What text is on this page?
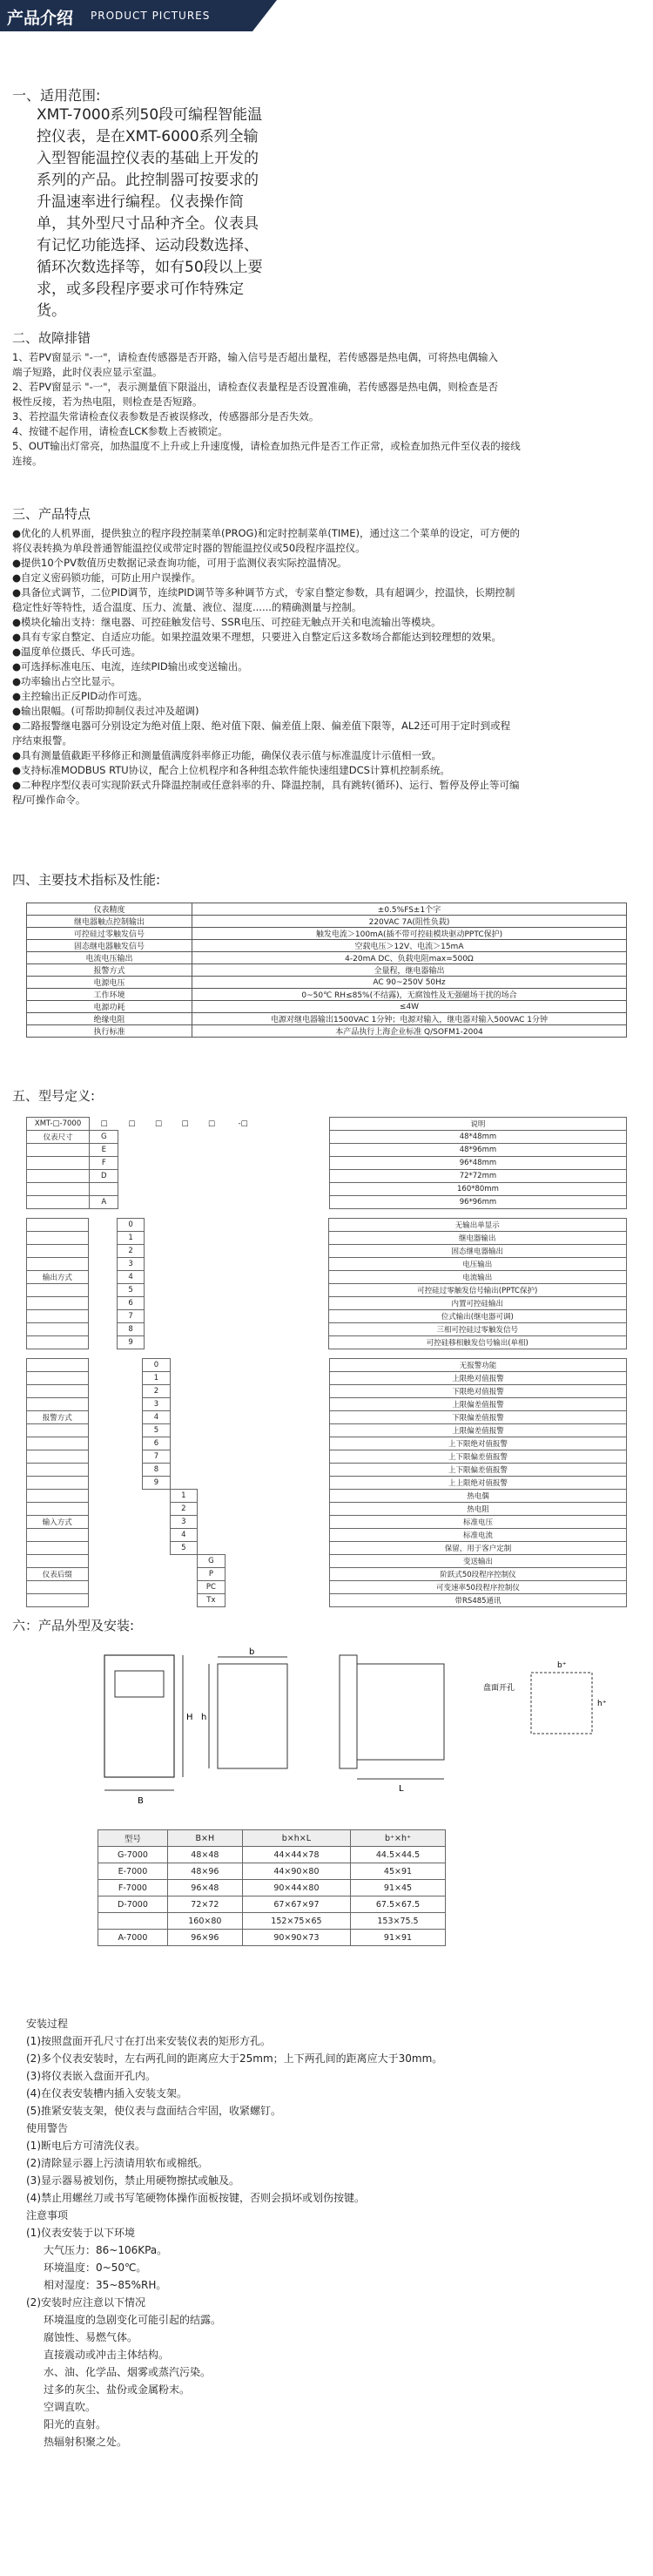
产品介绍 PRODUCT PICTURES

一、适用范围:

XMT-7000系列50段可编程智能温控仪表，是在XMT-6000系列全输入型智能温控仪表的基础上开发的系列的产品。此控制器可按要求的升温速率进行编程。仪表操作简单，其外型尺寸品种齐全。仪表具有记忆功能选择、运动段数选择、循环次数选择等，如有50段以上要求，或多段程序要求可作特殊定货。

二、故障排错

1、若PV窗显示 "-一"，请检查传感器是否开路，输入信号是否超出量程，若传感器是热电偶，可将热电偶输入
端子短路，此时仪表应显示室温。
2、若PV窗显示 "-一"，表示测量值下限溢出，请检查仪表量程是否设置准确，若传感器是热电偶，则检查是否
极性反接，若为热电阻，则检查是否短路。
3、若控温失常请检查仪表参数是否被误修改，传感器部分是否失效。
4、按键不起作用，请检查LCK参数上否被锁定。
5、OUT输出灯常亮，加热温度不上升或上升速度慢，请检查加热元件是否工作正常，或检查加热元件至仪表的接线
连接。

三、产品特点

●优化的人机界面，提供独立的程序段控制菜单(PROG)和定时控制菜单(TIME)，通过这二个菜单的设定，可方便的
将仪表转换为单段普通智能温控仪或带定时器的智能温控仪或50段程序温控仪。
●提供10个PV数值历史数据记录查询功能，可用于监测仪表实际控温情况。
●自定义密码锁功能，可防止用户误操作。
●具备位式调节，二位PID调节，连续PID调节等多种调节方式，专家自整定参数，具有超调少，控温快，长期控制
稳定性好等特性，适合温度、压力、流量、液位、湿度......的精确测量与控制。
●模块化输出支持：继电器、可控硅触发信号、SSR电压、可控硅无触点开关和电流输出等模块。
●具有专家自整定、自适应功能。如果控温效果不理想，只要进入自整定后这多数场合都能达到较理想的效果。
●温度单位摄氏、华氏可选。
●可选择标准电压、电流，连续PID输出或变送输出。
●功率输出占空比显示。
●主控输出正反PID动作可选。
●输出限幅。(可帮助抑制仪表过冲及超调)
●二路报警继电器可分别设定为绝对值上限、绝对值下限、偏差值上限、偏差值下限等，AL2还可用于定时到或程
序结束报警。
●具有测量值截距平移修正和测量值满度斜率修正功能，确保仪表示值与标准温度计示值相一致。
●支持标准MODBUS RTU协议，配合上位机程序和各种组态软件能快速组建DCS计算机控制系统。
●二种程序型仪表可实现阶跃式升降温控制或任意斜率的升、降温控制，具有跳转(循环)、运行、暂停及停止等可编
程/可操作命令。

四、主要技术指标及性能:

仪表精度	±0.5%FS±1个字
继电器触点控制输出	220VAC 7A(阻性负载)
可控硅过零触发信号	触发电流＞100mA(插不带可控硅模块驱动PPTC保护)
固态继电器触发信号	空载电压＞12V、电流＞15mA
电流电压输出	4-20mA DC、负载电阻max=500Ω
报警方式	全量程，继电器输出
电源电压	AC 90~250V 50Hz
工作环境	0~50℃ RH≤85%(不结露)，无腐蚀性及无强磁场干扰的场合
电源功耗	≤4W
绝缘电阻	电源对继电器输出1500VAC 1分钟；电源对输入，继电器对输入500VAC 1分钟
执行标准	本产品执行上海企业标准 Q/SOFM1-2004

五、型号定义:

XMT-□-7000	□	□	□	□	□	-□		说明
仪表尺寸	G							48*48mm
	E							48*96mm
	F							96*48mm
	D							72*72mm
								160*80mm
	A							96*96mm
		0						无输出单显示
		1						继电器输出
		2						固态继电器输出
		3						电压输出
输出方式		4						电流输出
		5						可控硅过零触发信号输出(PPTC保护)
		6						内置可控硅输出
		7						位式输出(继电器可调)
		8						三相可控硅过零触发信号
		9						可控硅移相触发信号输出(单相)
			0					无报警功能
			1					上限绝对值报警
			2					下限绝对值报警
			3					上限偏差值报警
报警方式			4					下限偏差值报警
			5					上限偏差值报警
			6					上下限绝对值报警
			7					上下限偏差值报警
			8					上下限偏差值报警
			9					上上限绝对值报警
				1				热电偶
				2				热电阻
输入方式				3				标准电压
				4				标准电流
				5				保留，用于客户定制
					G			变送输出
仪表后缀					P			阶跃式50段程序控制仪
					PC			可变速率50段程序控制仪
					Tx			带RS485通讯

六：产品外型及安装:

B
H
b
h
L
盘面开孔
b⁺
h⁺
型号	B×H	b×h×L	b⁺×h⁺
G-7000	48×48	44×44×78	44.5×44.5
E-7000	48×96	44×90×80	45×91
F-7000	96×48	90×44×80	91×45
D-7000	72×72	67×67×97	67.5×67.5
	160×80	152×75×65	153×75.5
A-7000	96×96	90×90×73	91×91
安装过程
(1)按照盘面开孔尺寸在打出来安装仪表的矩形方孔。
(2)多个仪表安装时，左右两孔间的距离应大于25mm；上下两孔间的距离应大于30mm。
(3)将仪表嵌入盘面开孔内。
(4)在仪表安装槽内插入安装支架。
(5)推紧安装支架，使仪表与盘面结合牢固，收紧螺钉。
使用警告
(1)断电后方可清洗仪表。
(2)清除显示器上污渍请用软布或棉纸。
(3)显示器易被划伤，禁止用硬物擦拭或触及。
(4)禁止用螺丝刀或书写笔硬物体操作面板按键，否则会损坏或划伤按键。
注意事项
(1)仪表安装于以下环境
大气压力：86~106KPa。
环境温度：0~50℃。
相对湿度：35~85%RH。
(2)安装时应注意以下情况
环境温度的急剧变化可能引起的结露。
腐蚀性、易燃气体。
直接震动或冲击主体结构。
水、油、化学品、烟雾或蒸汽污染。
过多的灰尘、盐份或金属粉末。
空调直吹。
阳光的直射。
热辐射积聚之处。
